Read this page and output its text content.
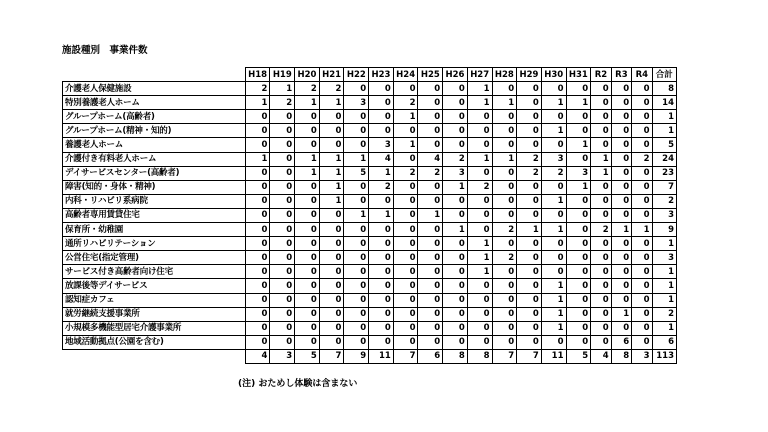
施設種別　事業件数
	H18	H19	H20	H21	H22	H23	H24	H25	H26	H27	H28	H29	H30	H31	R2	R3	R4	合計
介護老人保健施設	2	1	2	2	0	0	0	0	0	1	0	0	0	0	0	0	0	8
特別養護老人ホーム	1	2	1	1	3	0	2	0	0	1	1	0	1	1	0	0	0	14
グループホーム(高齢者)	0	0	0	0	0	0	1	0	0	0	0	0	0	0	0	0	0	1
グループホーム(精神・知的)	0	0	0	0	0	0	0	0	0	0	0	0	1	0	0	0	0	1
養護老人ホーム	0	0	0	0	0	3	1	0	0	0	0	0	0	1	0	0	0	5
介護付き有料老人ホーム	1	0	1	1	1	4	0	4	2	1	1	2	3	0	1	0	2	24
デイサービスセンター(高齢者)	0	0	1	1	5	1	2	2	3	0	0	2	2	3	1	0	0	23
障害(知的・身体・精神)	0	0	0	1	0	2	0	0	1	2	0	0	0	1	0	0	0	7
内科・リハビリ系病院	0	0	0	1	0	0	0	0	0	0	0	0	1	0	0	0	0	2
高齢者専用賃貸住宅	0	0	0	0	1	1	0	1	0	0	0	0	0	0	0	0	0	3
保育所・幼稚園	0	0	0	0	0	0	0	0	1	0	2	1	1	0	2	1	1	9
通所リハビリテーション	0	0	0	0	0	0	0	0	0	1	0	0	0	0	0	0	0	1
公営住宅(指定管理)	0	0	0	0	0	0	0	0	0	1	2	0	0	0	0	0	0	3
サービス付き高齢者向け住宅	0	0	0	0	0	0	0	0	0	1	0	0	0	0	0	0	0	1
放課後等デイサービス	0	0	0	0	0	0	0	0	0	0	0	0	1	0	0	0	0	1
認知症カフェ	0	0	0	0	0	0	0	0	0	0	0	0	1	0	0	0	0	1
就労継続支援事業所	0	0	0	0	0	0	0	0	0	0	0	0	1	0	0	1	0	2
小規模多機能型居宅介護事業所	0	0	0	0	0	0	0	0	0	0	0	0	1	0	0	0	0	1
地域活動拠点(公園を含む)	0	0	0	0	0	0	0	0	0	0	0	0	0	0	0	6	0	6
	4	3	5	7	9	11	7	6	8	8	7	7	11	5	4	8	3	113
(注) おためし体験は含まない
